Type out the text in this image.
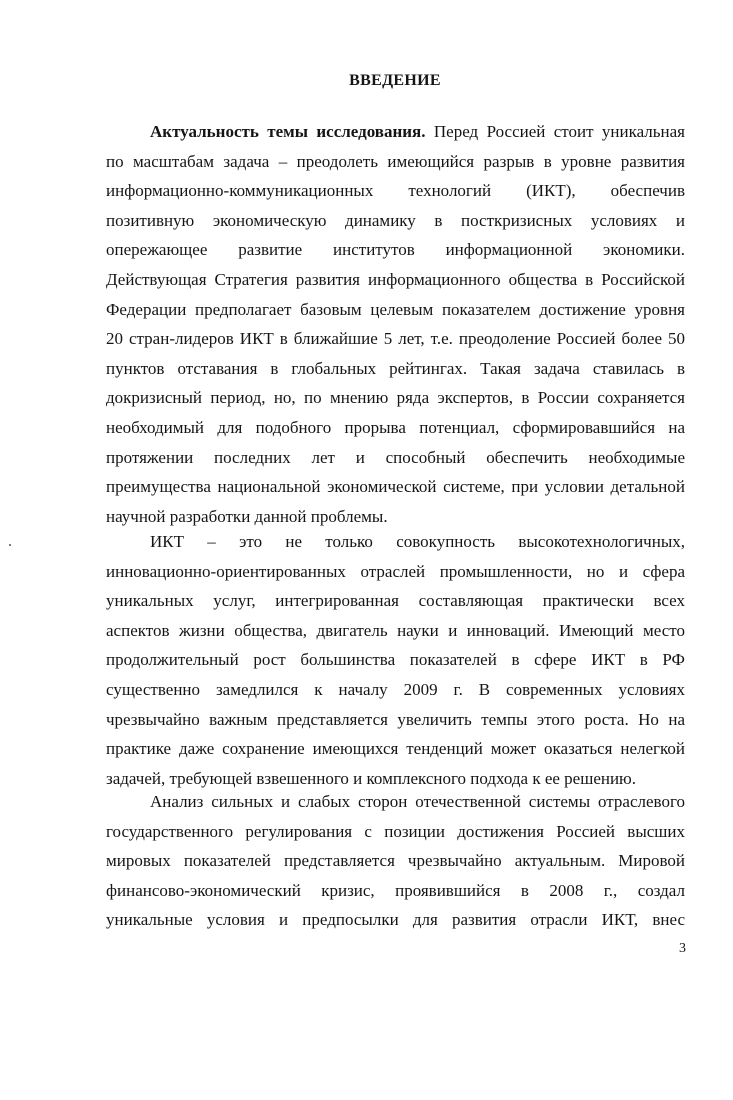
ВВЕДЕНИЕ
Актуальность темы исследования. Перед Россией стоит уникальная
по масштабам задача – преодолеть имеющийся разрыв в уровне развития
информационно-коммуникационных технологий (ИКТ), обеспечив
позитивную экономическую динамику в посткризисных условиях и
опережающее развитие институтов информационной экономики.
Действующая Стратегия развития информационного общества в Российской
Федерации предполагает базовым целевым показателем достижение уровня
20 стран-лидеров ИКТ в ближайшие 5 лет, т.е. преодоление Россией более 50
пунктов отставания в глобальных рейтингах. Такая задача ставилась в
докризисный период, но, по мнению ряда экспертов, в России сохраняется
необходимый для подобного прорыва потенциал, сформировавшийся на
протяжении последних лет и способный обеспечить необходимые
преимущества национальной экономической системе, при условии детальной
научной разработки данной проблемы.
ИКТ – это не только совокупность высокотехнологичных,
инновационно-ориентированных отраслей промышленности, но и сфера
уникальных услуг, интегрированная составляющая практически всех
аспектов жизни общества, двигатель науки и инноваций. Имеющий место
продолжительный рост большинства показателей в сфере ИКТ в РФ
существенно замедлился к началу 2009 г. В современных условиях
чрезвычайно важным представляется увеличить темпы этого роста. Но на
практике даже сохранение имеющихся тенденций может оказаться нелегкой
задачей, требующей взвешенного и комплексного подхода к ее решению.
Анализ сильных и слабых сторон отечественной системы отраслевого
государственного регулирования с позиции достижения Россией высших
мировых показателей представляется чрезвычайно актуальным. Мировой
финансово-экономический кризис, проявившийся в 2008 г., создал
уникальные условия и предпосылки для развития отрасли ИКТ, внес
3
